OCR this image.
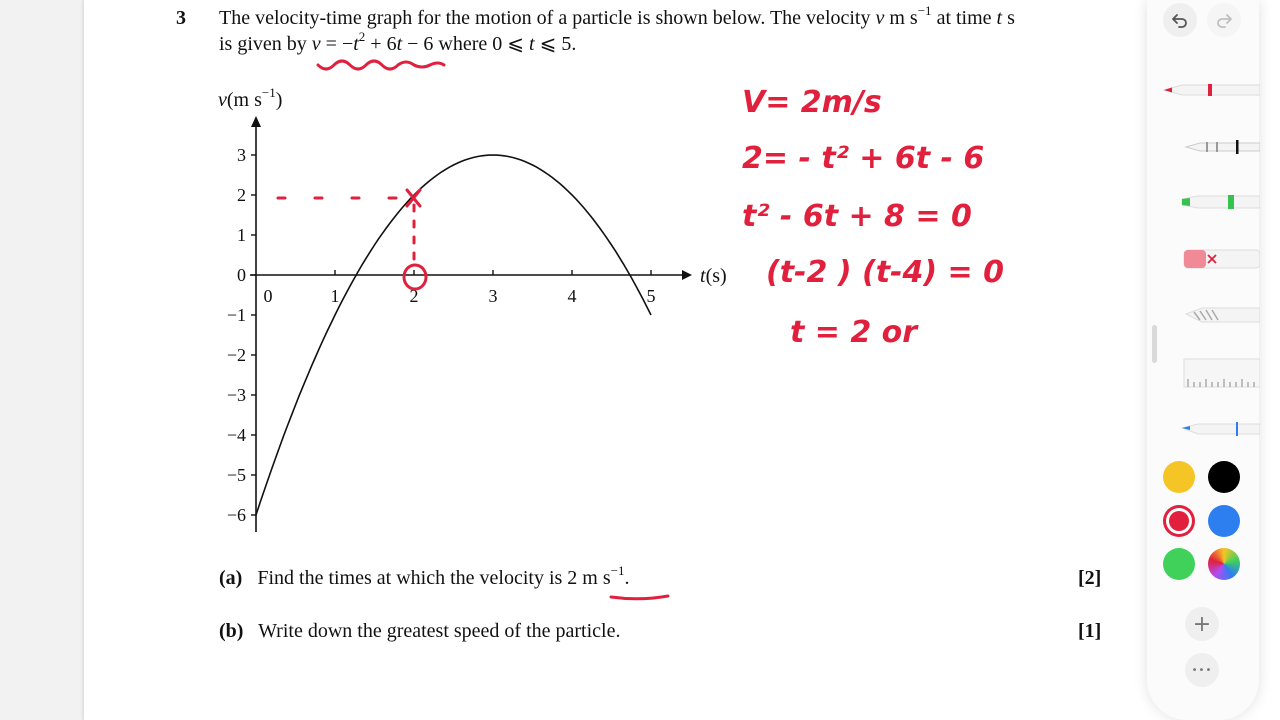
3 The velocity-time graph for the motion of a particle is shown below. The velocity v m $s^{-1}$ at time t s
is given by $v = -t^2 + 6t - 6$ where 0 ⩽ t ⩽ 5.
3
2
1
0
−1
−2
−3
−4
−5
−6
0	1	2	3	4	5
v(m $s^{-1}$)
t(s)
V= 2m/s
2= - t² + 6t - 6
t² - 6t + 8 = 0
(t-2 ) (t-4) = 0
t = 2 or
(a) Find the times at which the velocity is 2 m $s^{-1}$.	[2]
(b) Write down the greatest speed of the particle.	[1]	+
•••
